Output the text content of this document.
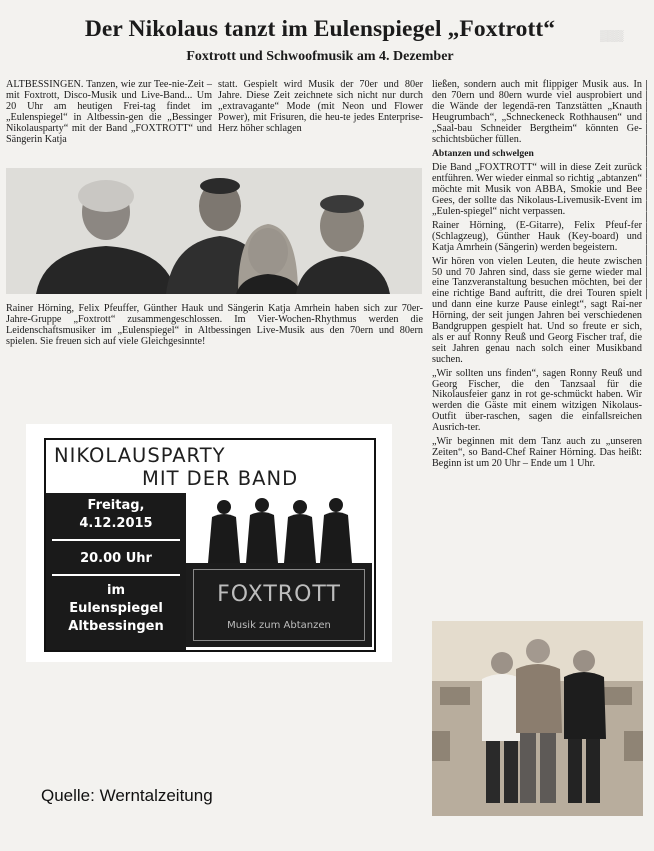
▒▒▒
Der Nikolaus tanzt im Eulenspiegel „Foxtrott“
Foxtrott und Schwoofmusik am 4. Dezember

ALTBESSINGEN. Tanzen, wie zur Tee-nie-Zeit – mit Foxtrott, Disco-Musik und Live-Band... Um 20 Uhr am heutigen Frei-tag findet im „Eulenspiegel“ in Altbessin-gen die „Bessinger Nikolausparty“ mit der Band „FOXTROTT“ und Sängerin Katja

statt. Gespielt wird Musik der 70er und 80er Jahre. Diese Zeit zeichnete sich nicht nur durch „extravagante“ Mode (mit Neon und Flower Power), mit Frisuren, die heu-te jedes Enterprise-Herz höher schlagen

Rainer Hörning, Felix Pfeuffer, Günther Hauk und Sängerin Katja Amrhein haben sich zur 70er-Jahre-Gruppe „Foxtrott“ zusammengeschlossen. Im Vier-Wochen-Rhythmus werden die Leidenschaftsmusiker im „Eulenspiegel“ in Altbessingen Live-Musik aus den 70ern und 80ern spielen. Sie freuen sich auf viele Gleichgesinnte!

ließen, sondern auch mit flippiger Musik aus. In den 70ern und 80ern wurde viel ausprobiert und die Wände der legendä-ren Tanzstätten „Knauth Heugrumbach“, „Schneckeneck Rothhausen“ und „Saal-bau Schneider Bergtheim“ könnten Ge-schichtsbücher füllen.

Abtanzen und schwelgen

Die Band „FOXTROTT“ will in diese Zeit zurück entführen. Wer wieder einmal so richtig „abtanzen“ möchte mit Musik von ABBA, Smokie und Bee Gees, der sollte das Nikolaus-Livemusik-Event im „Eulen-spiegel“ nicht verpassen.

Rainer Hörning, (E-Gitarre), Felix Pfeuf-fer (Schlagzeug), Günther Hauk (Key-board) und Katja Amrhein (Sängerin) werden begeistern.

Wir hören von vielen Leuten, die heute zwischen 50 und 70 Jahren sind, dass sie gerne wieder mal eine Tanzveranstaltung besuchen möchten, bei der eine richtige Band auftritt, die drei Touren spielt und dann eine kurze Pause einlegt“, sagt Rai-ner Hörning, der seit jungen Jahren bei verschiedenen Bandgruppen gespielt hat. Und so freute er sich, als er auf Ronny Reuß und Georg Fischer traf, die seit Jahren genau nach solch einer Musikband suchen.

„Wir sollten uns finden“, sagen Ronny Reuß und Georg Fischer, die den Tanzsaal für die Nikolausfeier ganz in rot ge-schmückt haben. Wir werden die Gäste mit einem witzigen Nikolaus-Outfit über-raschen, sagen die einfallsreichen Ausrich-ter.

„Wir beginnen mit dem Tanz auch zu „unseren Zeiten“, so Band-Chef Rainer Hörning. Das heißt: Beginn ist um 20 Uhr – Ende um 1 Uhr.

▏
▏
▏
▏
▏
▏
▏
▏
▏
▏
▏
▏
▏
▏
▏
▏
▏
▏
▏
▏
NIKOLAUSPARTY
MIT DER BAND
Freitag,
4.12.2015
20.00 Uhr
im
Eulenspiegel
Altbessingen
FOXTROTT
Musik zum Abtanzen
Quelle: Werntalzeitung
